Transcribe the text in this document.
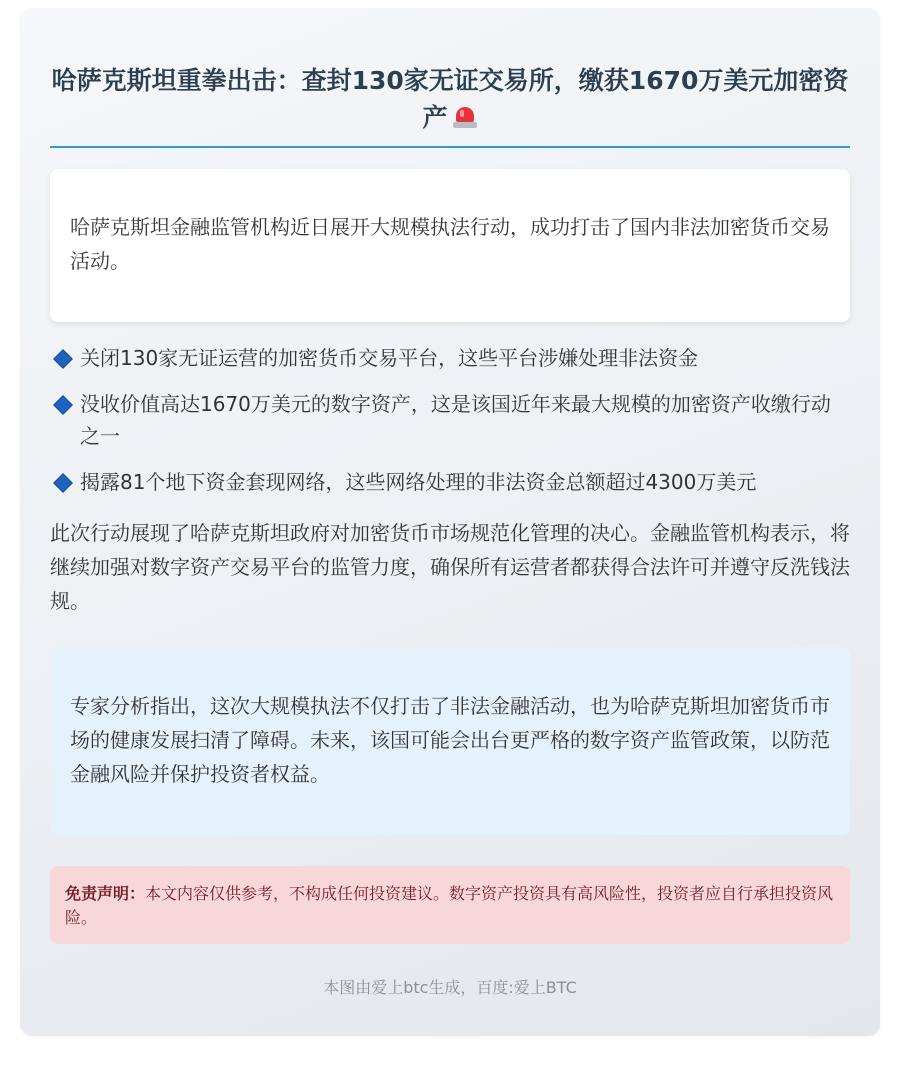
哈萨克斯坦重拳出击：查封130家无证交易所，缴获1670万美元加密资产
哈萨克斯坦金融监管机构近日展开大规模执法行动，成功打击了国内非法加密货币交易活动。
关闭130家无证运营的加密货币交易平台，这些平台涉嫌处理非法资金
没收价值高达1670万美元的数字资产，这是该国近年来最大规模的加密资产收缴行动之一
揭露81个地下资金套现网络，这些网络处理的非法资金总额超过4300万美元

此次行动展现了哈萨克斯坦政府对加密货币市场规范化管理的决心。金融监管机构表示，将继续加强对数字资产交易平台的监管力度，确保所有运营者都获得合法许可并遵守反洗钱法规。

专家分析指出，这次大规模执法不仅打击了非法金融活动，也为哈萨克斯坦加密货币市场的健康发展扫清了障碍。未来，该国可能会出台更严格的数字资产监管政策，以防范金融风险并保护投资者权益。
免责声明：本文内容仅供参考，不构成任何投资建议。数字资产投资具有高风险性，投资者应自行承担投资风险。
本图由爱上btc生成，百度:爱上BTC
